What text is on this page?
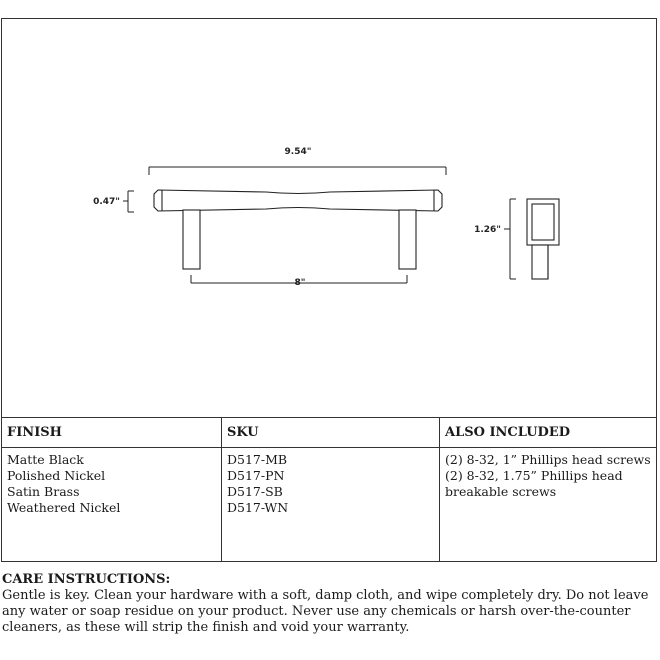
9.54"
0.47"
8"
1.26"
FINISH
Matte Black
Polished Nickel
Satin Brass
Weathered Nickel
SKU
D517-MB
D517-PN
D517-SB
D517-WN
ALSO INCLUDED
(2) 8-32, 1” Phillips head screws
(2) 8-32, 1.75” Phillips head
breakable screws
CARE INSTRUCTIONS:
Gentle is key. Clean your hardware with a soft, damp cloth, and wipe completely dry. Do not leave any water or soap residue on your product. Never use any chemicals or harsh over-the-counter cleaners, as these will strip the finish and void your warranty.
